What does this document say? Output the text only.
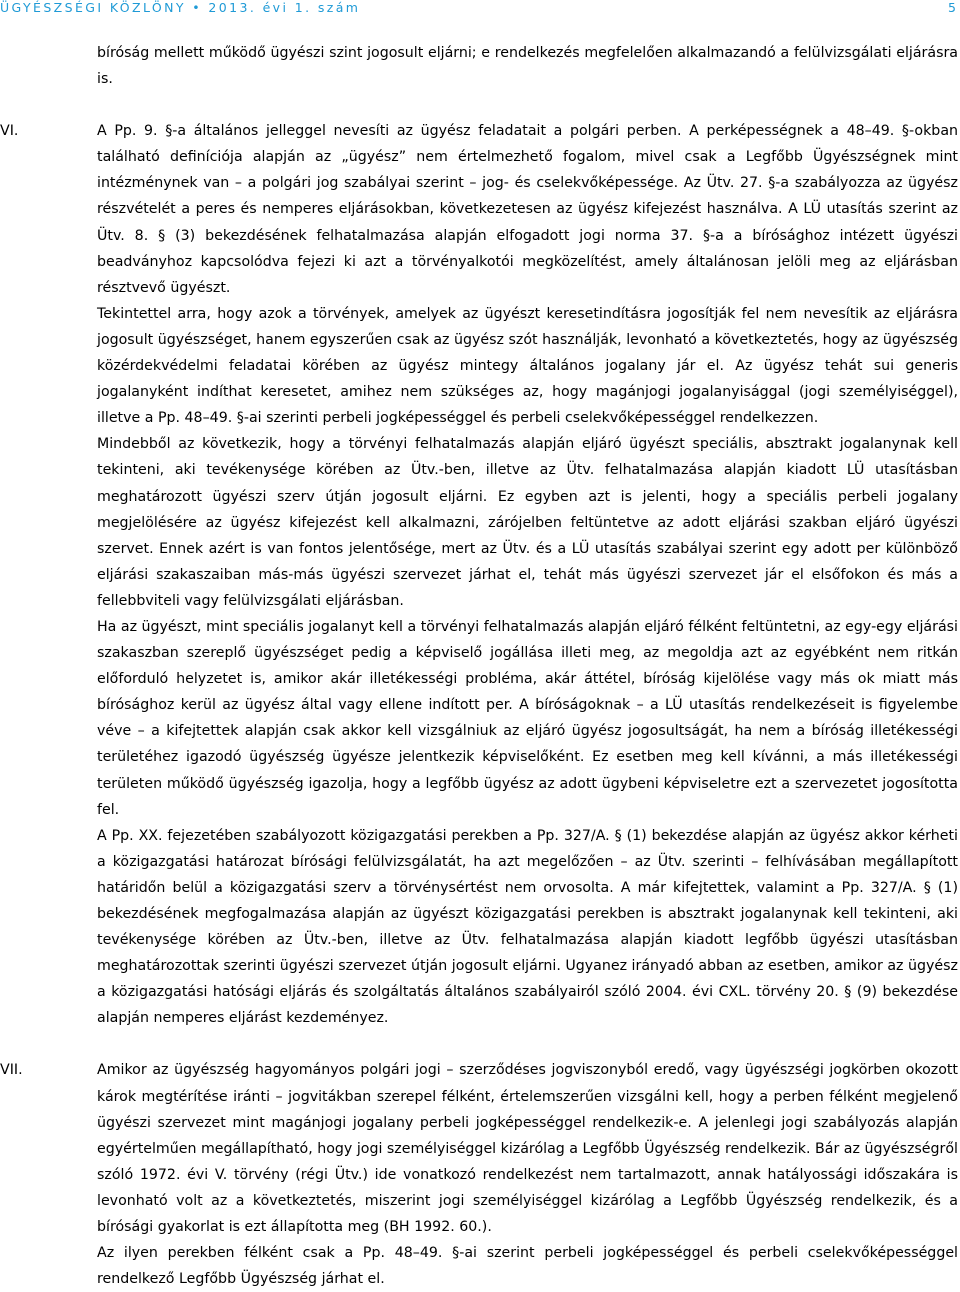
ÜGYÉSZSÉGI KÖZLÖNY • 2013. évi 1. szám	5

bíróság mellett működő ügyészi szint jogosult eljárni; e rendelkezés megfelelően alkalmazandó a felülvizsgálati eljárásra is.

VI.	A Pp. 9. §-a általános jelleggel nevesíti az ügyész feladatait a polgári perben. A perképességnek a 48–49. §-okban található definíciója alapján az „ügyész” nem értelmezhető fogalom, mivel csak a Legfőbb Ügyészségnek mint intézménynek van – a polgári jog szabályai szerint – jog- és cselekvőképessége. Az Ütv. 27. §-a szabályozza az ügyész részvételét a peres és nemperes eljárásokban, következetesen az ügyész kifejezést használva. A LÜ utasítás szerint az Ütv. 8. § (3) bekezdésének felhatalmazása alapján elfogadott jogi norma 37. §-a a bírósághoz intézett ügyészi beadványhoz kapcsolódva fejezi ki azt a törvényalkotói megközelítést, amely általánosan jelöli meg az eljárásban résztvevő ügyészt.

Tekintettel arra, hogy azok a törvények, amelyek az ügyészt keresetindításra jogosítják fel nem nevesítik az eljárásra jogosult ügyészséget, hanem egyszerűen csak az ügyész szót használják, levonható a következtetés, hogy az ügyészség közérdekvédelmi feladatai körében az ügyész mintegy általános jogalany jár el. Az ügyész tehát sui generis jogalanyként indíthat keresetet, amihez nem szükséges az, hogy magánjogi jogalanyisággal (jogi személyiséggel), illetve a Pp. 48–49. §-ai szerinti perbeli jogképességgel és perbeli cselekvőképességgel rendelkezzen.

Mindebből az következik, hogy a törvényi felhatalmazás alapján eljáró ügyészt speciális, absztrakt jogalanynak kell tekinteni, aki tevékenysége körében az Ütv.-ben, illetve az Ütv. felhatalmazása alapján kiadott LÜ utasításban meghatározott ügyészi szerv útján jogosult eljárni. Ez egyben azt is jelenti, hogy a speciális perbeli jogalany megjelölésére az ügyész kifejezést kell alkalmazni, zárójelben feltüntetve az adott eljárási szakban eljáró ügyészi szervet. Ennek azért is van fontos jelentősége, mert az Ütv. és a LÜ utasítás szabályai szerint egy adott per különböző eljárási szakaszaiban más-más ügyészi szervezet járhat el, tehát más ügyészi szervezet jár el elsőfokon és más a fellebbviteli vagy felülvizsgálati eljárásban.

Ha az ügyészt, mint speciális jogalanyt kell a törvényi felhatalmazás alapján eljáró félként feltüntetni, az egy-egy eljárási szakaszban szereplő ügyészséget pedig a képviselő jogállása illeti meg, az megoldja azt az egyébként nem ritkán előforduló helyzetet is, amikor akár illetékességi probléma, akár áttétel, bíróság kijelölése vagy más ok miatt más bírósághoz kerül az ügyész által vagy ellene indított per. A bíróságoknak – a LÜ utasítás rendelkezéseit is figyelembe véve – a kifejtettek alapján csak akkor kell vizsgálniuk az eljáró ügyész jogosultságát, ha nem a bíróság illetékességi területéhez igazodó ügyészség ügyésze jelentkezik képviselőként. Ez esetben meg kell kívánni, a más illetékességi területen működő ügyészség igazolja, hogy a legfőbb ügyész az adott ügybeni képviseletre ezt a szervezetet jogosította fel.

A Pp. XX. fejezetében szabályozott közigazgatási perekben a Pp. 327/A. § (1) bekezdése alapján az ügyész akkor kérheti a közigazgatási határozat bírósági felülvizsgálatát, ha azt megelőzően – az Ütv. szerinti – felhívásában megállapított határidőn belül a közigazgatási szerv a törvénysértést nem orvosolta. A már kifejtettek, valamint a Pp. 327/A. § (1) bekezdésének megfogalmazása alapján az ügyészt közigazgatási perekben is absztrakt jogalanynak kell tekinteni, aki tevékenysége körében az Ütv.-ben, illetve az Ütv. felhatalmazása alapján kiadott legfőbb ügyészi utasításban meghatározottak szerinti ügyészi szervezet útján jogosult eljárni. Ugyanez irányadó abban az esetben, amikor az ügyész a közigazgatási hatósági eljárás és szolgáltatás általános szabályairól szóló 2004. évi CXL. törvény 20. § (9) bekezdése alapján nemperes eljárást kezdeményez.

VII.	Amikor az ügyészség hagyományos polgári jogi – szerződéses jogviszonyból eredő, vagy ügyészségi jogkörben okozott károk megtérítése iránti – jogvitákban szerepel félként, értelemszerűen vizsgálni kell, hogy a perben félként megjelenő ügyészi szervezet mint magánjogi jogalany perbeli jogképességgel rendelkezik-e. A jelenlegi jogi szabályozás alapján egyértelműen megállapítható, hogy jogi személyiséggel kizárólag a Legfőbb Ügyészség rendelkezik. Bár az ügyészségről szóló 1972. évi V. törvény (régi Ütv.) ide vonatkozó rendelkezést nem tartalmazott, annak hatályossági időszakára is levonható volt az a következtetés, miszerint jogi személyiséggel kizárólag a Legfőbb Ügyészség rendelkezik, és a bírósági gyakorlat is ezt állapította meg (BH 1992. 60.).

Az ilyen perekben félként csak a Pp. 48–49. §-ai szerint perbeli jogképességgel és perbeli cselekvőképességgel rendelkező Legfőbb Ügyészség járhat el.
